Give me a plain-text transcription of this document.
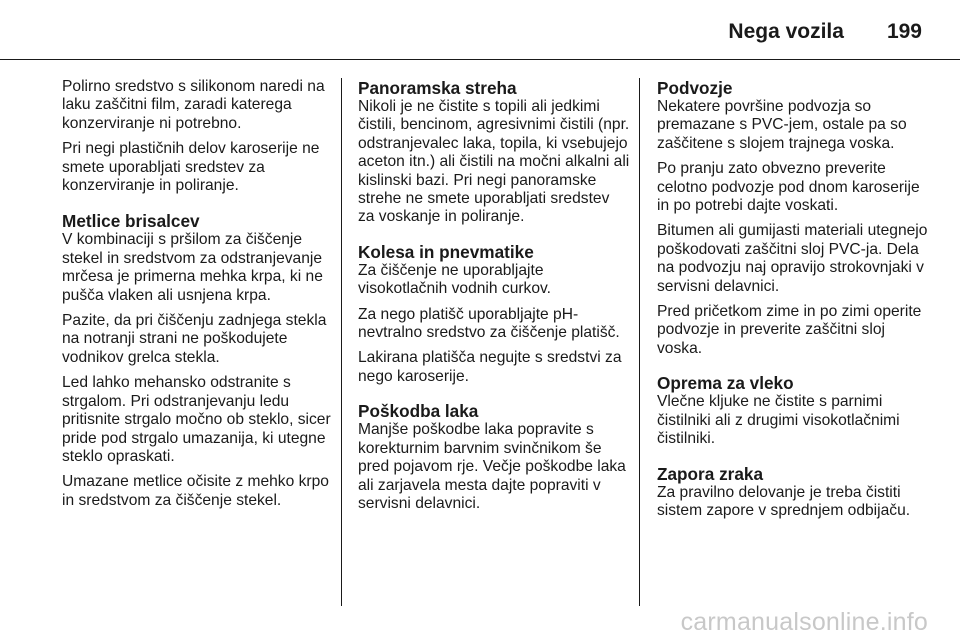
Nega vozila 199

Polirno sredstvo s silikonom naredi na laku zaščitni film, zaradi katerega konzerviranje ni potrebno.

Pri negi plastičnih delov karoserije ne smete uporabljati sredstev za konzerviranje in poliranje.

Metlice brisalcev

V kombinaciji s pršilom za čiščenje stekel in sredstvom za odstranjevanje mrčesa je primerna mehka krpa, ki ne pušča vlaken ali usnjena krpa.

Pazite, da pri čiščenju zadnjega stekla na notranji strani ne poškodujete vodnikov grelca stekla.

Led lahko mehansko odstranite s strgalom. Pri odstranjevanju ledu pritisnite strgalo močno ob steklo, sicer pride pod strgalo umazanija, ki utegne steklo opraskati.

Umazane metlice očisite z mehko krpo in sredstvom za čiščenje stekel.

Panoramska streha

Nikoli je ne čistite s topili ali jedkimi čistili, bencinom, agresivnimi čistili (npr. odstranjevalec laka, topila, ki vsebujejo aceton itn.) ali čistili na močni alkalni ali kislinski bazi. Pri negi panoramske strehe ne smete uporabljati sredstev za voskanje in poliranje.

Kolesa in pnevmatike

Za čiščenje ne uporabljajte visokotlačnih vodnih curkov.

Za nego platišč uporabljajte pH-nevtralno sredstvo za čiščenje platišč.

Lakirana platišča negujte s sredstvi za nego karoserije.

Poškodba laka

Manjše poškodbe laka popravite s korekturnim barvnim svinčnikom še pred pojavom rje. Večje poškodbe laka ali zarjavela mesta dajte popraviti v servisni delavnici.

Podvozje

Nekatere površine podvozja so premazane s PVC-jem, ostale pa so zaščitene s slojem trajnega voska.

Po pranju zato obvezno preverite celotno podvozje pod dnom karoserije in po potrebi dajte voskati.

Bitumen ali gumijasti materiali utegnejo poškodovati zaščitni sloj PVC-ja. Dela na podvozju naj opravijo strokovnjaki v servisni delavnici.

Pred pričetkom zime in po zimi operite podvozje in preverite zaščitni sloj voska.

Oprema za vleko

Vlečne kljuke ne čistite s parnimi čistilniki ali z drugimi visokotlačnimi čistilniki.

Zapora zraka

Za pravilno delovanje je treba čistiti sistem zapore v sprednjem odbijaču.

carmanualsonline.info
